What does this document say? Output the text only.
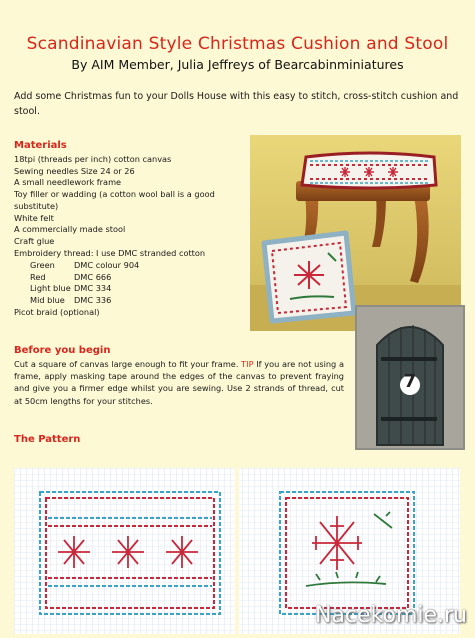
Scandinavian Style Christmas Cushion and Stool
By AIM Member, Julia Jeffreys of Bearcabinminiatures

Add some Christmas fun to your Dolls House with this easy to stitch, cross-stitch cushion and stool.

Materials
18tpi (threads per inch) cotton canvas
Sewing needles Size 24 or 26
A small needlework frame
Toy filler or wadding (a cotton wool ball is a good substitute)
White felt
A commercially made stool
Craft glue
Embroidery thread: I use DMC stranded cotton
Green	DMC colour 904
Red	DMC 666
Light blue DMC 334
Mid blue	DMC 336

Picot braid (optional)

Before you begin

Cut a square of canvas large enough to fit your frame. TIP If you are not using a frame, apply masking tape around the edges of the canvas to prevent fraying and give you a firmer edge whilst you are sewing. Use 2 strands of thread, cut at 50cm lengths for your stitches.

The Pattern
7
Nacekomie.ru
